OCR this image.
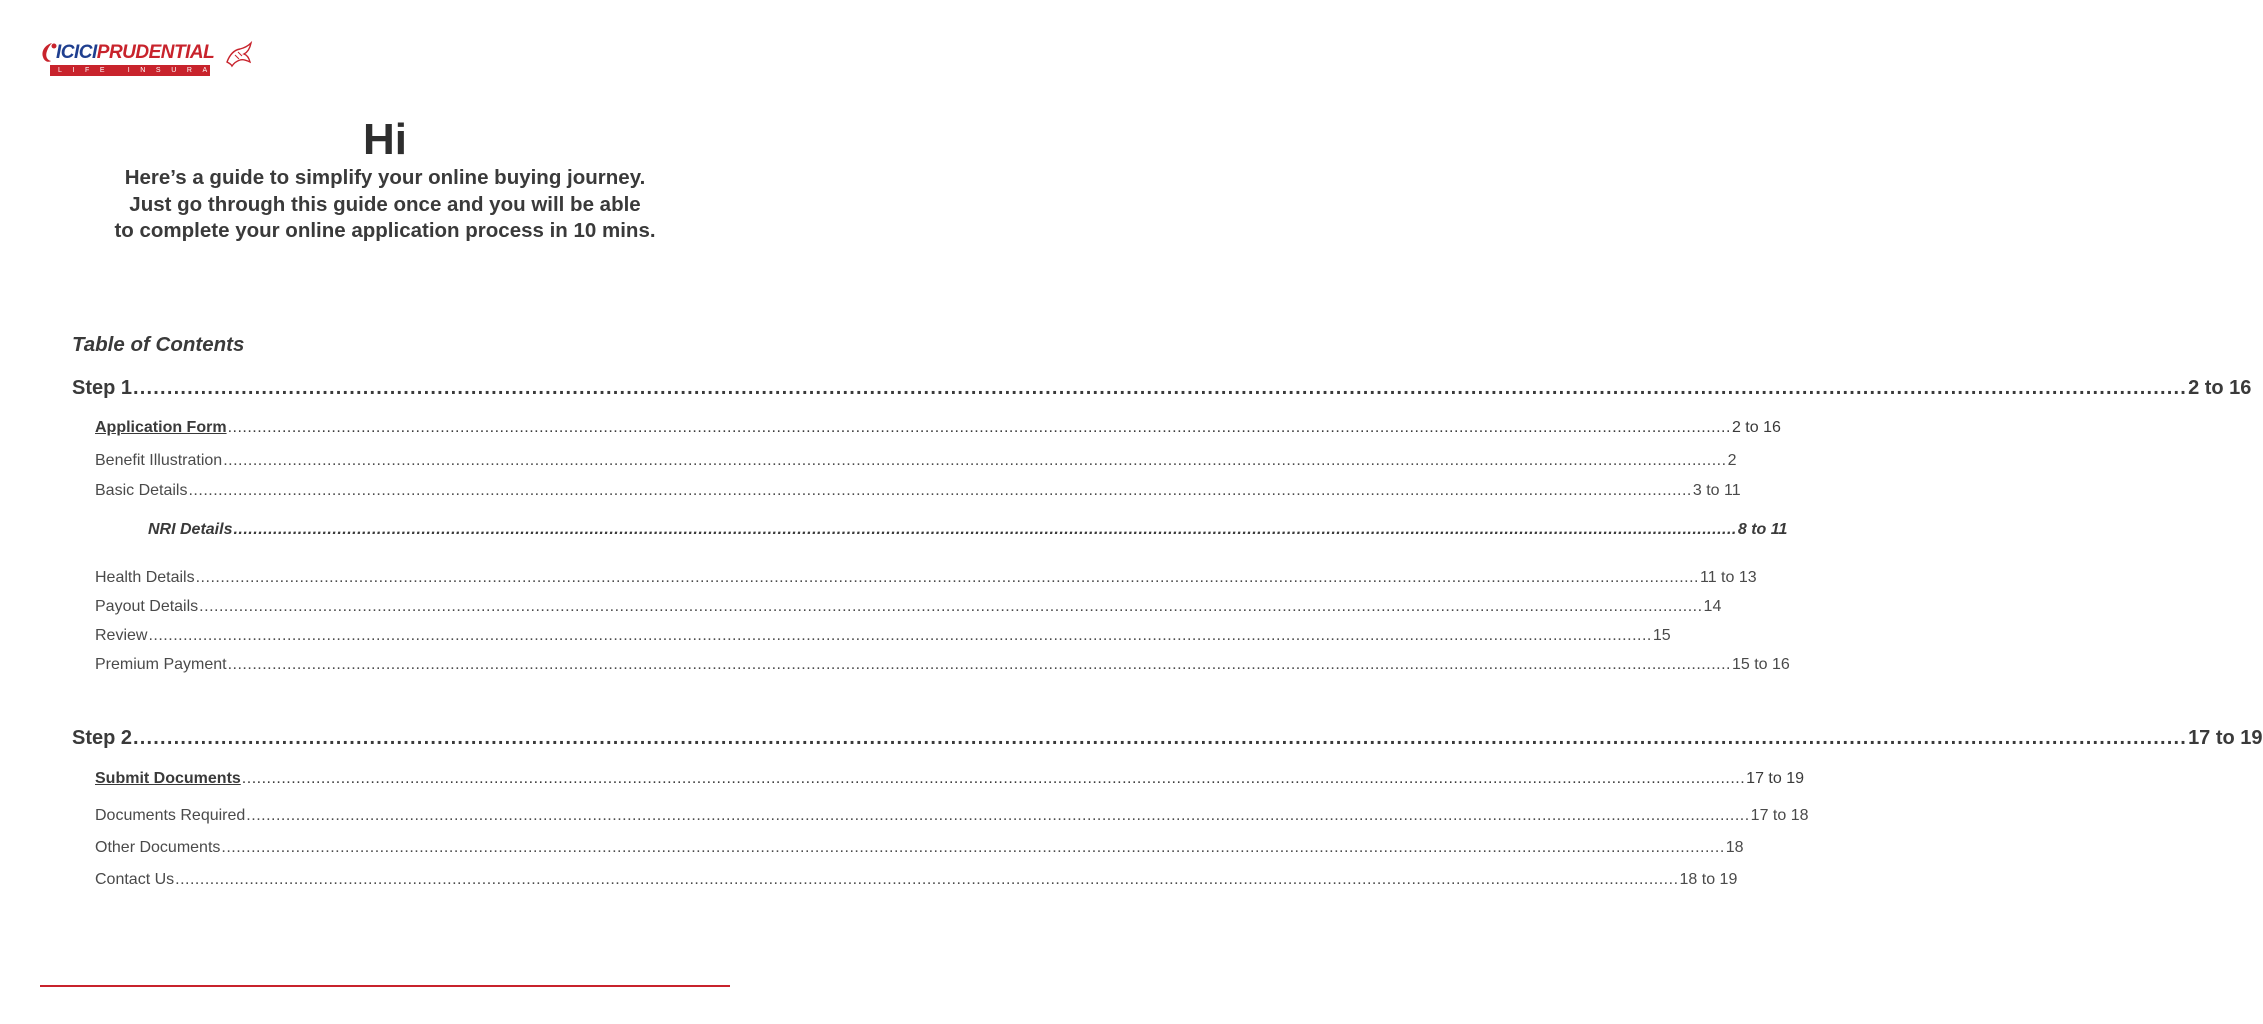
ICICIPRUDENTIAL
LIFE INSURANCE
Hi
Here’s a guide to simplify your online buying journey.
Just go through this guide once and you will be able
to complete your online application process in 10 mins.
Table of Contents
Step 1 .....	2 to 16
Application Form .....	2 to 16
Benefit Illustration .....	2
Basic Details .....	3 to 11
NRI Details .....	8 to 11
Health Details .....	11 to 13
Payout Details .....	14
Review .....	15
Premium Payment .....	15 to 16
Step 2 .....	17 to 19
Submit Documents .....	17 to 19
Documents Required .....	17 to 18
Other Documents .....	18
Contact Us .....	18 to 19
